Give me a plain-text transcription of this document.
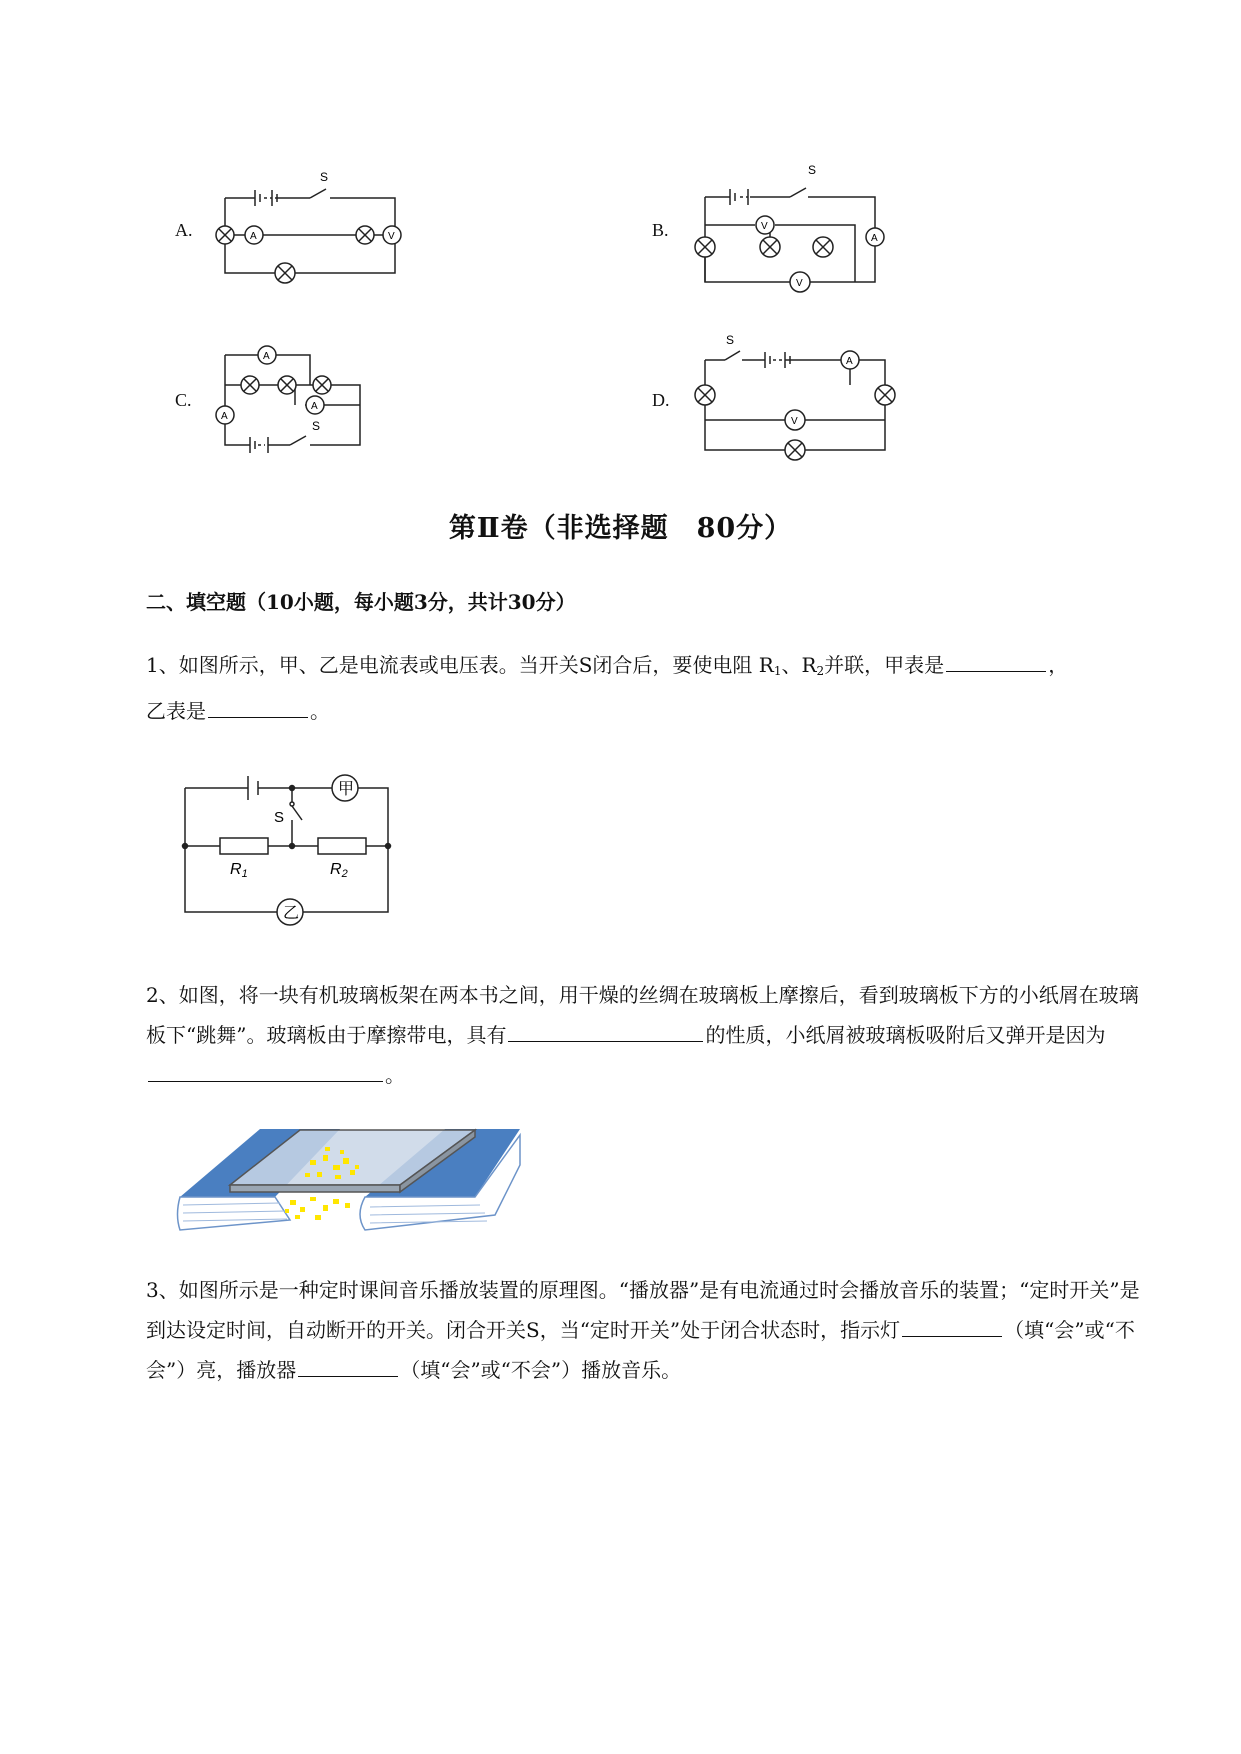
A.	B.
C.	D.
A	V
S
V
A
V
S
A
A
A
S
A
V
S
第Ⅱ卷（非选择题　80分）
二、填空题（10小题，每小题3分，共计30分）
1、如图所示，甲、乙是电流表或电压表。当开关S闭合后，要使电阻 $R_1$、$R_2$并联，甲表是	，
乙表是	。
甲
乙
S
R1	R2
2、如图，将一块有机玻璃板架在两本书之间，用干燥的丝绸在玻璃板上摩擦后，看到玻璃板下方的小纸屑在玻璃板下“跳舞”。玻璃板由于摩擦带电，具有	的性质，小纸屑被玻璃板吸附后又弹开是因为。
3、如图所示是一种定时课间音乐播放装置的原理图。“播放器”是有电流通过时会播放音乐的装置；“定时开关”是到达设定时间，自动断开的开关。闭合开关S，当“定时开关”处于闭合状态时，指示灯	（填“会”或“不会”）亮，播放器	（填“会”或“不会”）播放音乐。
